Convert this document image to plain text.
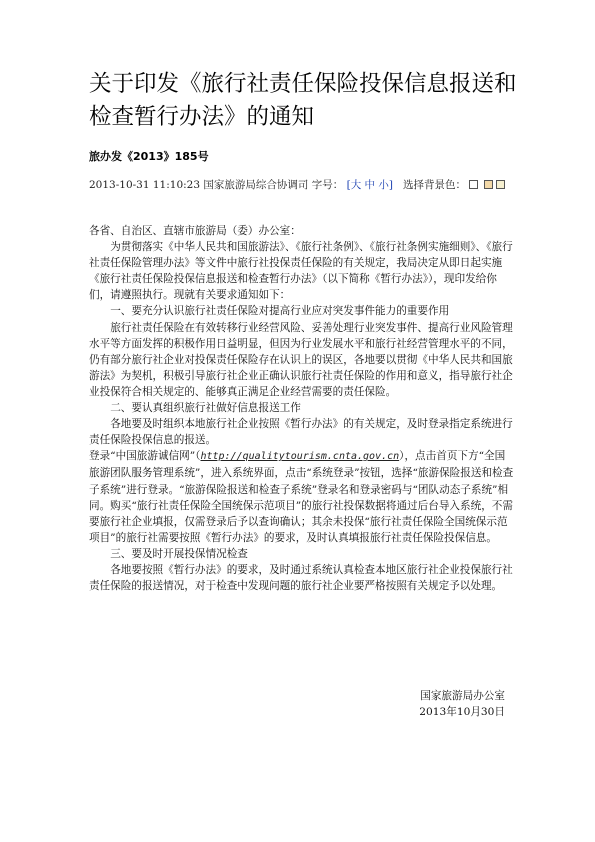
关于印发《旅行社责任保险投保信息报送和检查暂行办法》的通知
旅办发《2013》185号
2013-10-31 11:10:23 国家旅游局综合协调司 字号： [大 中 小] 选择背景色：

各省、自治区、直辖市旅游局（委）办公室：

为贯彻落实《中华人民共和国旅游法》、《旅行社条例》、《旅行社条例实施细则》、《旅行社责任保险管理办法》等文件中旅行社投保责任保险的有关规定，我局决定从即日起实施《旅行社责任保险投保信息报送和检查暂行办法》（以下简称《暂行办法》），现印发给你们，请遵照执行。现就有关要求通知如下：

一、要充分认识旅行社责任保险对提高行业应对突发事件能力的重要作用

旅行社责任保险在有效转移行业经营风险、妥善处理行业突发事件、提高行业风险管理水平等方面发挥的积极作用日益明显，但因为行业发展水平和旅行社经营管理水平的不同，仍有部分旅行社企业对投保责任保险存在认识上的误区，各地要以贯彻《中华人民共和国旅游法》为契机，积极引导旅行社企业正确认识旅行社责任保险的作用和意义，指导旅行社企业投保符合相关规定的、能够真正满足企业经营需要的责任保险。

二、要认真组织旅行社做好信息报送工作

各地要及时组织本地旅行社企业按照《暂行办法》的有关规定，及时登录指定系统进行责任保险投保信息的报送。

登录“中国旅游诚信网”（http://qualitytourism.cnta.gov.cn），点击首页下方“全国旅游团队服务管理系统”，进入系统界面，点击“系统登录”按钮，选择“旅游保险报送和检查子系统”进行登录。“旅游保险报送和检查子系统”登录名和登录密码与“团队动态子系统”相同。购买“旅行社责任保险全国统保示范项目”的旅行社投保数据将通过后台导入系统，不需要旅行社企业填报，仅需登录后予以查询确认；其余未投保“旅行社责任保险全国统保示范项目”的旅行社需要按照《暂行办法》的要求，及时认真填报旅行社责任保险投保信息。

三、要及时开展投保情况检查

各地要按照《暂行办法》的要求，及时通过系统认真检查本地区旅行社企业投保旅行社责任保险的报送情况，对于检查中发现问题的旅行社企业要严格按照有关规定予以处理。

国家旅游局办公室
2013年10月30日
